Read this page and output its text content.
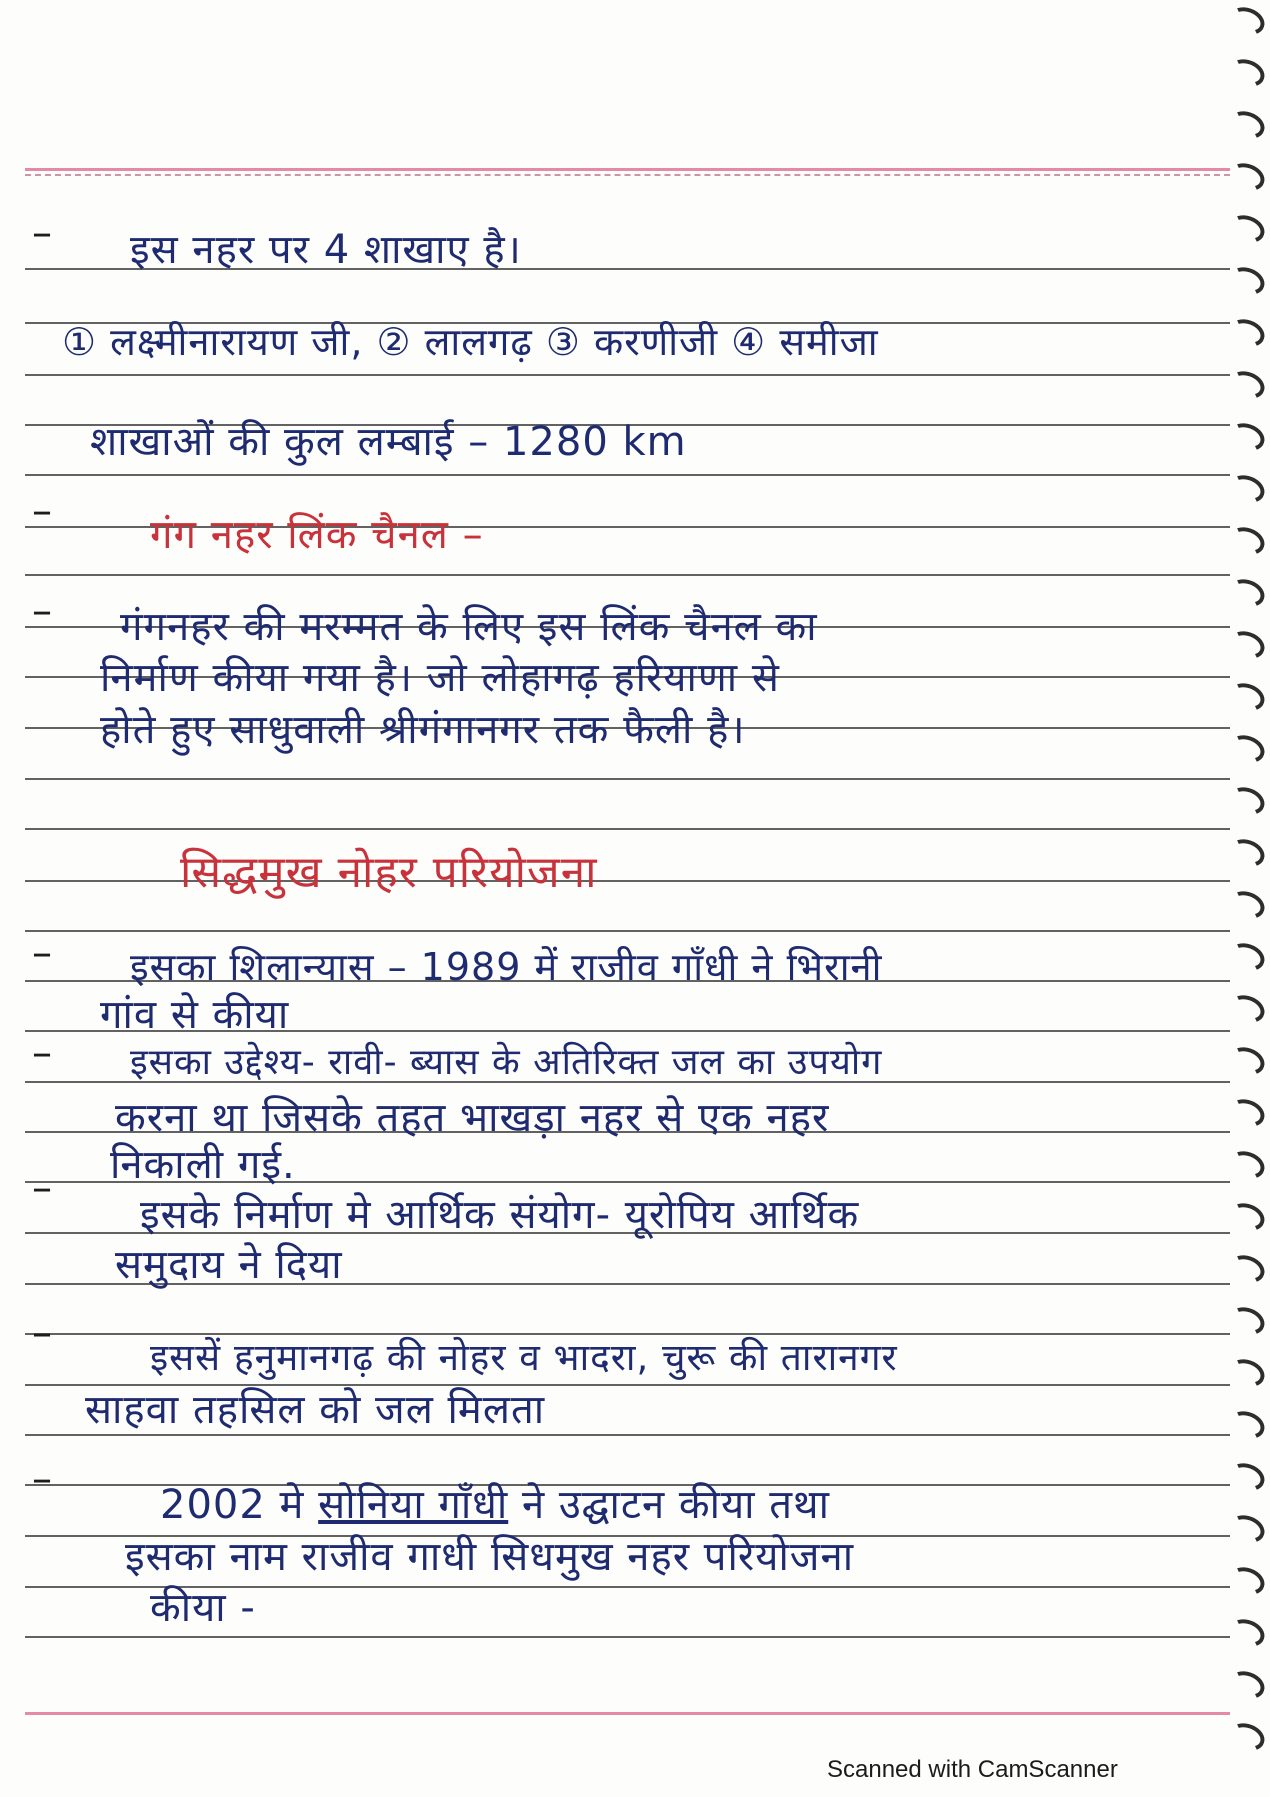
–
–
–
–
–
–
–
–
इस नहर पर 4 शाखाए है।
① लक्ष्मीनारायण जी, ② लालगढ़ ③ करणीजी ④ समीजा
शाखाओं की कुल लम्बाई – 1280 km
गंग नहर लिंक चैनल –
गंगनहर की मरम्मत के लिए इस लिंक चैनल का
निर्माण कीया गया है। जो लोहागढ़ हरियाणा से
होते हुए साधुवाली श्रीगंगानगर तक फैली है।
सिद्धमुख नोहर परियोजना
इसका शिलान्यास – 1989 में राजीव गाँधी ने भिरानी
गांव से कीया
इसका उद्देश्य- रावी- ब्यास के अतिरिक्त जल का उपयोग
करना था जिसके तहत भाखड़ा नहर से एक नहर
निकाली गई.
इसके निर्माण मे आर्थिक संयोग- यूरोपिय आर्थिक
समुदाय ने दिया
इससें हनुमानगढ़ की नोहर व भादरा, चुरू की तारानगर
साहवा तहसिल को जल मिलता
2002 मे सोनिया गाँधी ने उद्घाटन कीया तथा
इसका नाम राजीव गाधी सिधमुख नहर परियोजना
कीया -
Scanned with CamScanner
